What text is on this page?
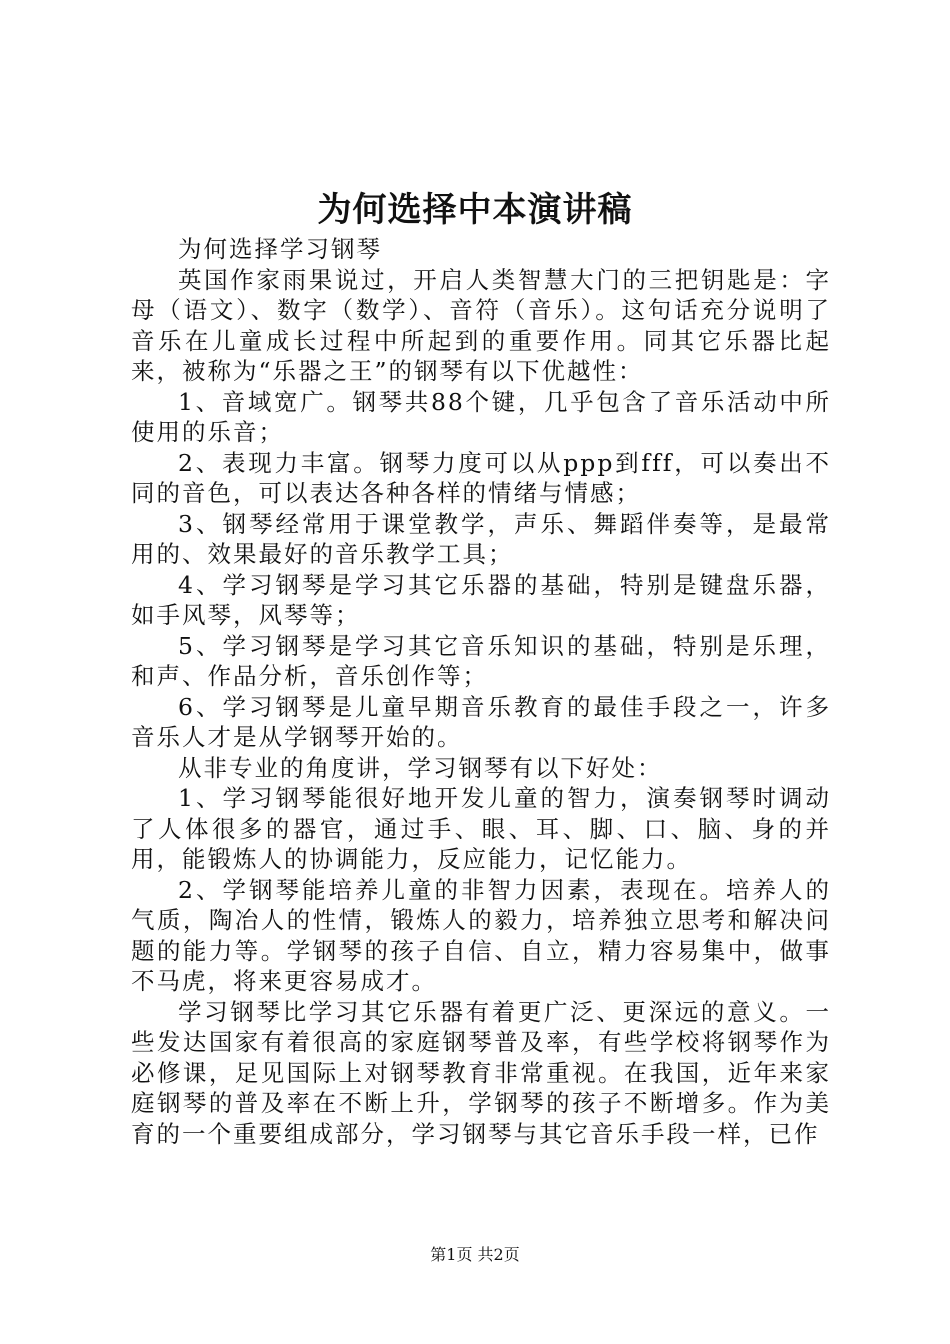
为何选择中本演讲稿

为何选择学习钢琴

英国作家雨果说过，开启人类智慧大门的三把钥匙是：字母（语文）、数字（数学）、音符（音乐）。这句话充分说明了音乐在儿童成长过程中所起到的重要作用。同其它乐器比起来，被称为“乐器之王”的钢琴有以下优越性：

1、音域宽广。钢琴共88个键，几乎包含了音乐活动中所使用的乐音；

2、表现力丰富。钢琴力度可以从ppp到fff，可以奏出不同的音色，可以表达各种各样的情绪与情感；

3、钢琴经常用于课堂教学，声乐、舞蹈伴奏等，是最常用的、效果最好的音乐教学工具；

4、学习钢琴是学习其它乐器的基础，特别是键盘乐器，如手风琴，风琴等；

5、学习钢琴是学习其它音乐知识的基础，特别是乐理，和声、作品分析，音乐创作等；

6、学习钢琴是儿童早期音乐教育的最佳手段之一，许多音乐人才是从学钢琴开始的。

从非专业的角度讲，学习钢琴有以下好处：

1、学习钢琴能很好地开发儿童的智力，演奏钢琴时调动了人体很多的器官，通过手、眼、耳、脚、口、脑、身的并用，能锻炼人的协调能力，反应能力，记忆能力。

2、学钢琴能培养儿童的非智力因素，表现在。培养人的气质，陶冶人的性情，锻炼人的毅力，培养独立思考和解决问题的能力等。学钢琴的孩子自信、自立，精力容易集中，做事不马虎，将来更容易成才。

学习钢琴比学习其它乐器有着更广泛、更深远的意义。一些发达国家有着很高的家庭钢琴普及率，有些学校将钢琴作为必修课，足见国际上对钢琴教育非常重视。在我国，近年来家庭钢琴的普及率在不断上升，学钢琴的孩子不断增多。作为美育的一个重要组成部分，学习钢琴与其它音乐手段一样，已作

第1页 共2页
